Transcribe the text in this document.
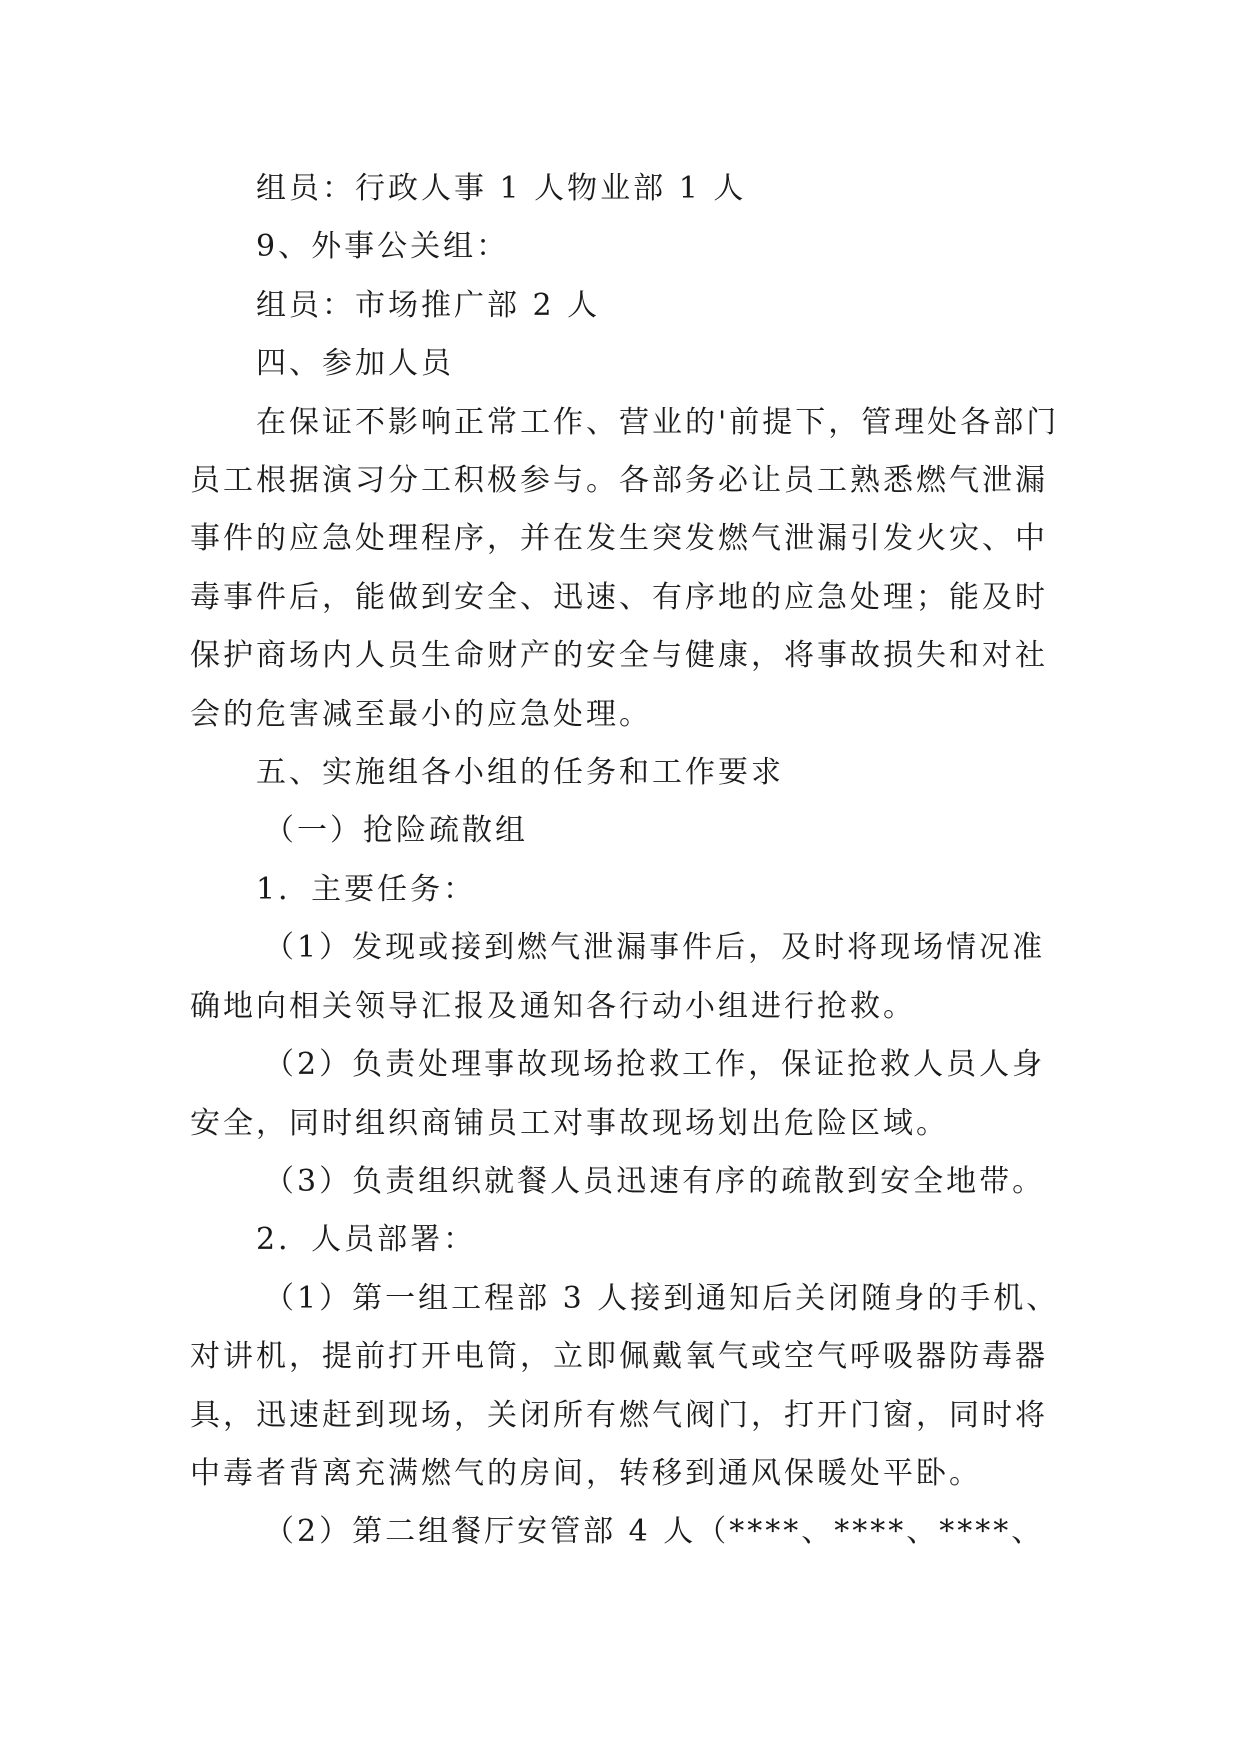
组员：行政人事 1 人物业部 1 人

9、外事公关组：

组员：市场推广部 2 人

四、参加人员

在保证不影响正常工作、营业的'前提下，管理处各部门员工根据演习分工积极参与。各部务必让员工熟悉燃气泄漏事件的应急处理程序，并在发生突发燃气泄漏引发火灾、中毒事件后，能做到安全、迅速、有序地的应急处理；能及时保护商场内人员生命财产的安全与健康，将事故损失和对社会的危害减至最小的应急处理。

五、实施组各小组的任务和工作要求

（一）抢险疏散组

1．主要任务：

（1）发现或接到燃气泄漏事件后，及时将现场情况准确地向相关领导汇报及通知各行动小组进行抢救。

（2）负责处理事故现场抢救工作，保证抢救人员人身安全，同时组织商铺员工对事故现场划出危险区域。

（3）负责组织就餐人员迅速有序的疏散到安全地带。

2．人员部署：

（1）第一组工程部 3 人接到通知后关闭随身的手机、对讲机，提前打开电筒，立即佩戴氧气或空气呼吸器防毒器具，迅速赶到现场，关闭所有燃气阀门，打开门窗，同时将中毒者背离充满燃气的房间，转移到通风保暖处平卧。

（2）第二组餐厅安管部 4 人（****、****、****、
